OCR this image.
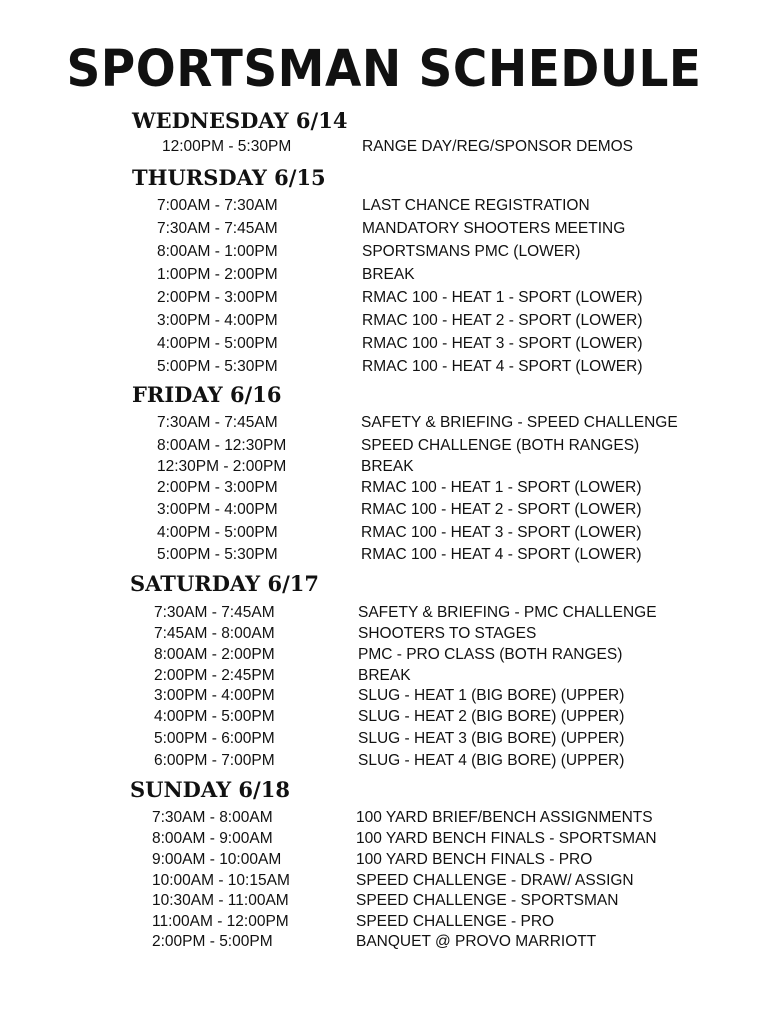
SPORTSMAN SCHEDULE
WEDNESDAY 6/14
12:00PM - 5:30PM	RANGE DAY/REG/SPONSOR DEMOS
THURSDAY 6/15
7:00AM - 7:30AM	LAST CHANCE REGISTRATION
7:30AM - 7:45AM	MANDATORY SHOOTERS MEETING
8:00AM - 1:00PM	SPORTSMANS PMC (LOWER)
1:00PM - 2:00PM	BREAK
2:00PM - 3:00PM	RMAC 100 - HEAT 1 - SPORT (LOWER)
3:00PM - 4:00PM	RMAC 100 - HEAT 2 - SPORT (LOWER)
4:00PM - 5:00PM	RMAC 100 - HEAT 3 - SPORT (LOWER)
5:00PM - 5:30PM	RMAC 100 - HEAT 4 - SPORT (LOWER)
FRIDAY 6/16
7:30AM - 7:45AM	SAFETY & BRIEFING - SPEED CHALLENGE
8:00AM - 12:30PM	SPEED CHALLENGE (BOTH RANGES)
12:30PM - 2:00PM	BREAK
2:00PM - 3:00PM	RMAC 100 - HEAT 1 - SPORT (LOWER)
3:00PM - 4:00PM	RMAC 100 - HEAT 2 - SPORT (LOWER)
4:00PM - 5:00PM	RMAC 100 - HEAT 3 - SPORT (LOWER)
5:00PM - 5:30PM	RMAC 100 - HEAT 4 - SPORT (LOWER)
SATURDAY 6/17
7:30AM - 7:45AM	SAFETY & BRIEFING - PMC CHALLENGE
7:45AM - 8:00AM	SHOOTERS TO STAGES
8:00AM - 2:00PM	PMC - PRO CLASS (BOTH RANGES)
2:00PM - 2:45PM	BREAK
3:00PM - 4:00PM	SLUG - HEAT 1 (BIG BORE) (UPPER)
4:00PM - 5:00PM	SLUG - HEAT 2 (BIG BORE) (UPPER)
5:00PM - 6:00PM	SLUG - HEAT 3 (BIG BORE) (UPPER)
6:00PM - 7:00PM	SLUG - HEAT 4 (BIG BORE) (UPPER)
SUNDAY 6/18
7:30AM - 8:00AM	100 YARD BRIEF/BENCH ASSIGNMENTS
8:00AM - 9:00AM	100 YARD BENCH FINALS - SPORTSMAN
9:00AM - 10:00AM	100 YARD BENCH FINALS - PRO
10:00AM - 10:15AM	SPEED CHALLENGE - DRAW/ ASSIGN
10:30AM - 11:00AM	SPEED CHALLENGE - SPORTSMAN
11:00AM - 12:00PM	SPEED CHALLENGE - PRO
2:00PM - 5:00PM	BANQUET @ PROVO MARRIOTT
